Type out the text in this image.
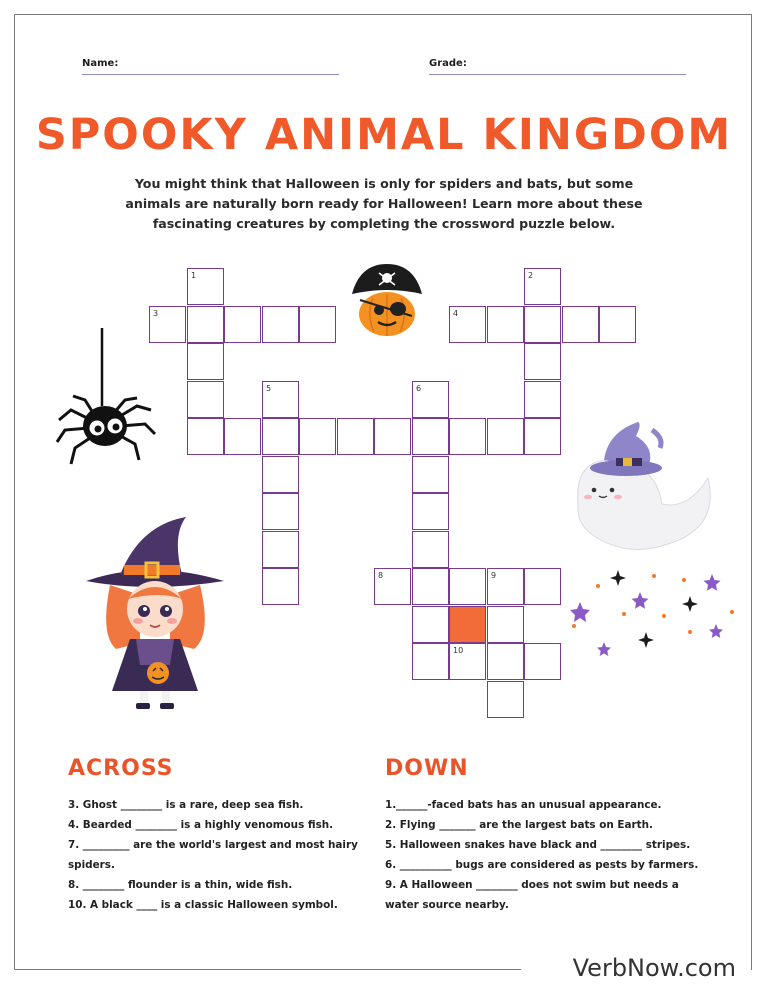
Name:	Grade:
SPOOKY ANIMAL KINGDOM
You might think that Halloween is only for spiders and bats, but some animals are naturally born ready for Halloween! Learn more about these fascinating creatures by completing the crossword puzzle below.
1
3
2
4
5	6
8	9
10
ACROSS
3. Ghost ________ is a rare, deep sea fish.
4. Bearded ________ is a highly venomous fish.
7. _________ are the world's largest and most hairy spiders.
8. ________ flounder is a thin, wide fish.
10. A black ____ is a classic Halloween symbol.
DOWN
1.______-faced bats has an unusual appearance.
2. Flying _______ are the largest bats on Earth.
5. Halloween snakes have black and ________ stripes.
6. __________ bugs are considered as pests by farmers.
9. A Halloween ________ does not swim but needs a water source nearby.
VerbNow.com
